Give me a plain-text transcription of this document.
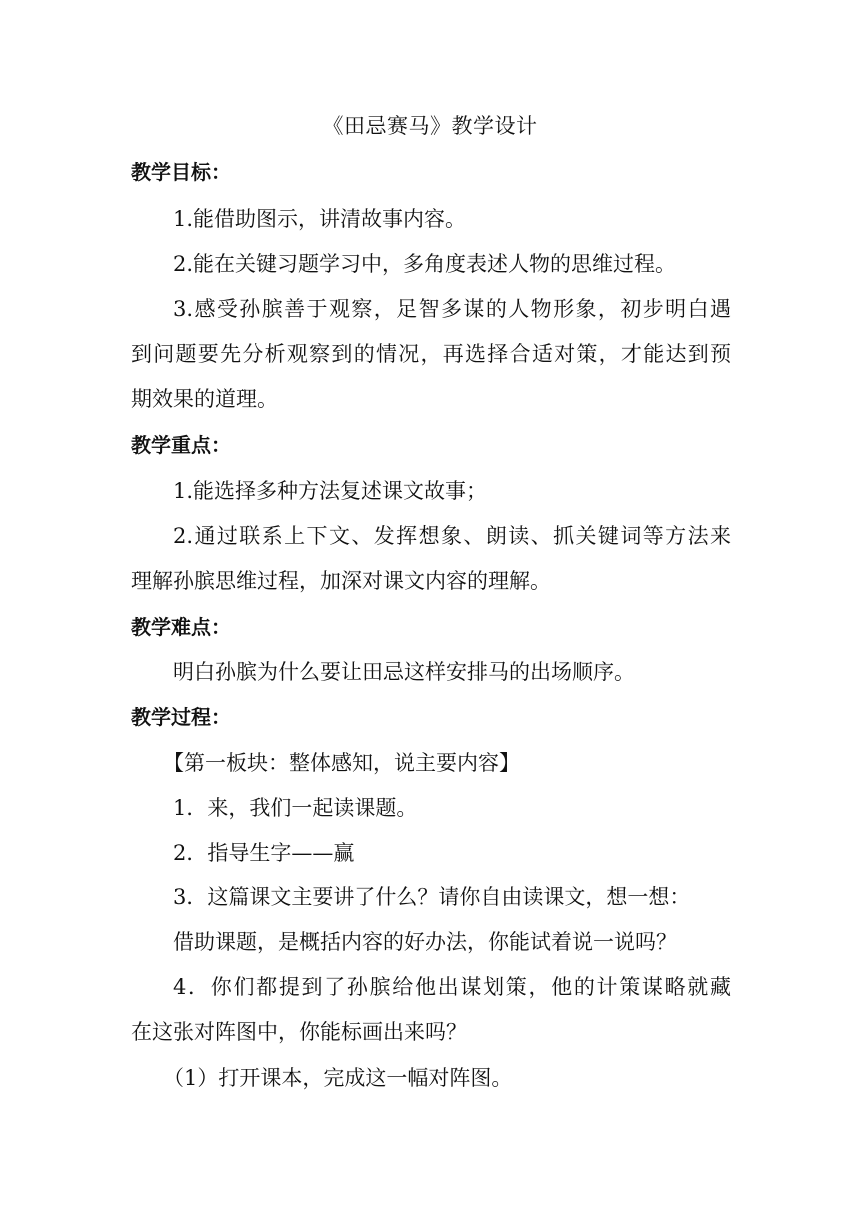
《田忌赛马》教学设计
教学目标：
1.能借助图示，讲清故事内容。
2.能在关键习题学习中，多角度表述人物的思维过程。
3.感受孙膑善于观察，足智多谋的人物形象，初步明白遇
到问题要先分析观察到的情况，再选择合适对策，才能达到预
期效果的道理。
教学重点：
1.能选择多种方法复述课文故事；
2.通过联系上下文、发挥想象、朗读、抓关键词等方法来
理解孙膑思维过程，加深对课文内容的理解。
教学难点：
明白孙膑为什么要让田忌这样安排马的出场顺序。
教学过程：
【第一板块：整体感知，说主要内容】
1．来，我们一起读课题。
2．指导生字——赢
3．这篇课文主要讲了什么？请你自由读课文，想一想：
借助课题，是概括内容的好办法，你能试着说一说吗？
4．你们都提到了孙膑给他出谋划策，他的计策谋略就藏
在这张对阵图中，你能标画出来吗？
（1）打开课本，完成这一幅对阵图。
